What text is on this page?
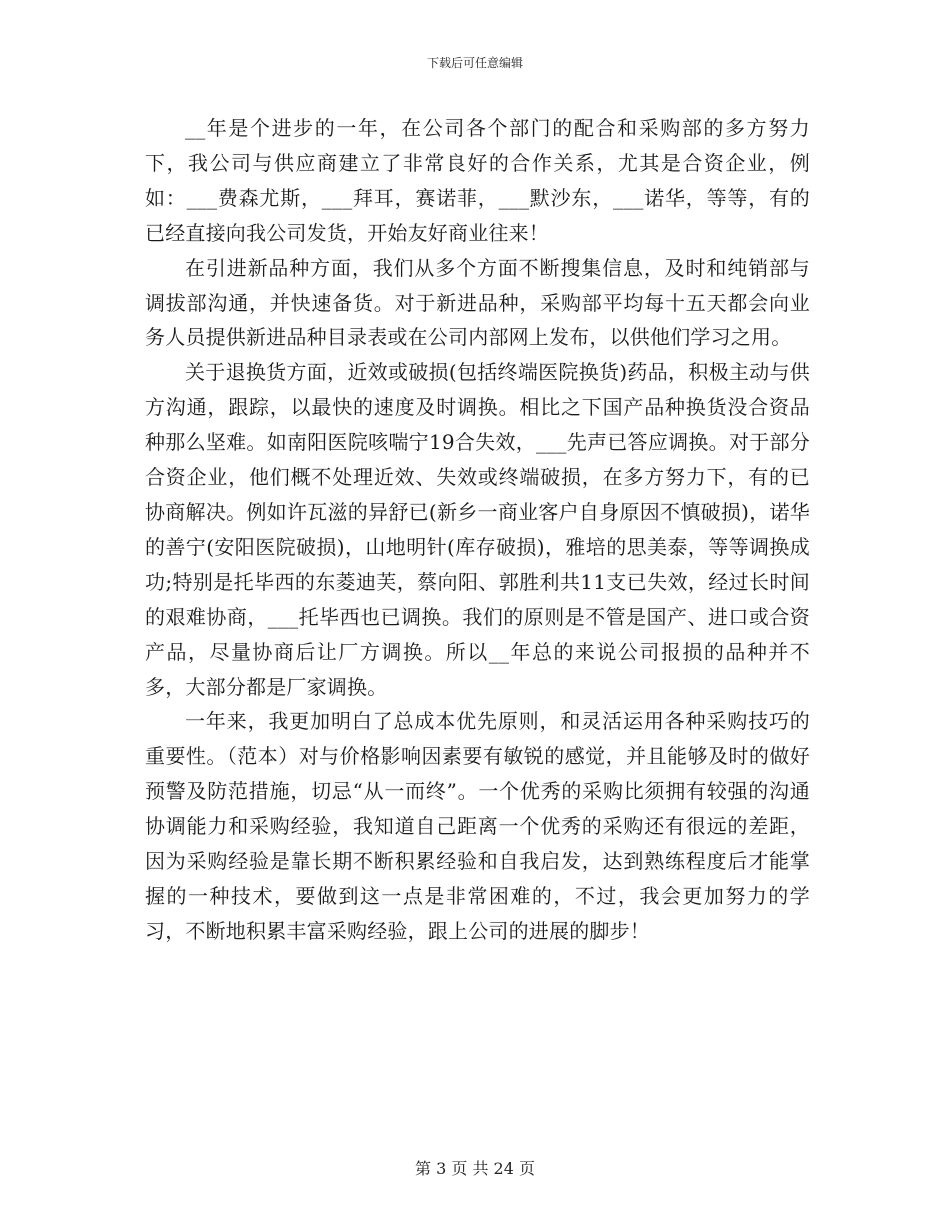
下载后可任意编辑

__年是个进步的一年，在公司各个部门的配合和采购部的多方努力下，我公司与供应商建立了非常良好的合作关系，尤其是合资企业，例如：___费森尤斯，___拜耳，赛诺菲，___默沙东，___诺华，等等，有的已经直接向我公司发货，开始友好商业往来！

在引进新品种方面，我们从多个方面不断搜集信息，及时和纯销部与调拔部沟通，并快速备货。对于新进品种，采购部平均每十五天都会向业务人员提供新进品种目录表或在公司内部网上发布，以供他们学习之用。

关于退换货方面，近效或破损(包括终端医院换货)药品，积极主动与供方沟通，跟踪，以最快的速度及时调换。相比之下国产品种换货没合资品种那么坚难。如南阳医院咳喘宁19合失效，___先声已答应调换。对于部分合资企业，他们概不处理近效、失效或终端破损，在多方努力下，有的已协商解决。例如许瓦滋的异舒已(新乡一商业客户自身原因不慎破损)，诺华的善宁(安阳医院破损)，山地明针(库存破损)，雅培的思美泰，等等调换成功;特别是托毕西的东菱迪芙，蔡向阳、郭胜利共11支已失效，经过长时间的艰难协商，___托毕西也已调换。我们的原则是不管是国产、进口或合资产品，尽量协商后让厂方调换。所以__年总的来说公司报损的品种并不多，大部分都是厂家调换。

一年来，我更加明白了总成本优先原则，和灵活运用各种采购技巧的重要性。（范本）对与价格影响因素要有敏锐的感觉，并且能够及时的做好预警及防范措施，切忌“从一而终”。一个优秀的采购比须拥有较强的沟通协调能力和采购经验，我知道自己距离一个优秀的采购还有很远的差距，因为采购经验是靠长期不断积累经验和自我启发，达到熟练程度后才能掌握的一种技术，要做到这一点是非常困难的，不过，我会更加努力的学习，不断地积累丰富采购经验，跟上公司的进展的脚步！

第 3 页 共 24 页
